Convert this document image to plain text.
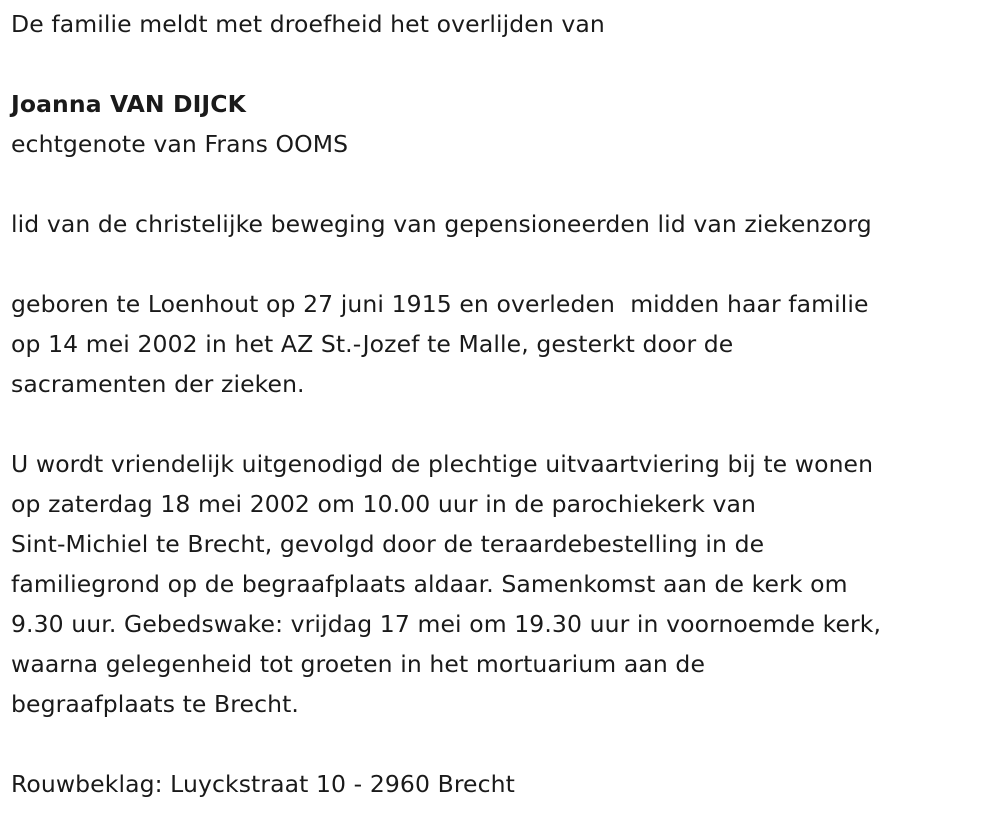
De familie meldt met droefheid het overlijden van
Joanna VAN DIJCK
echtgenote van Frans OOMS
lid van de christelijke beweging van gepensioneerden lid van ziekenzorg
geboren te Loenhout op 27 juni 1915 en overleden  midden haar familie
op 14 mei 2002 in het AZ St.-Jozef te Malle, gesterkt door de
sacramenten der zieken.
U wordt vriendelijk uitgenodigd de plechtige uitvaartviering bij te wonen
op zaterdag 18 mei 2002 om 10.00 uur in de parochiekerk van
Sint-Michiel te Brecht, gevolgd door de teraardebestelling in de
familiegrond op de begraafplaats aldaar. Samenkomst aan de kerk om
9.30 uur. Gebedswake: vrijdag 17 mei om 19.30 uur in voornoemde kerk,
waarna gelegenheid tot groeten in het mortuarium aan de
begraafplaats te Brecht.
Rouwbeklag: Luyckstraat 10 - 2960 Brecht
